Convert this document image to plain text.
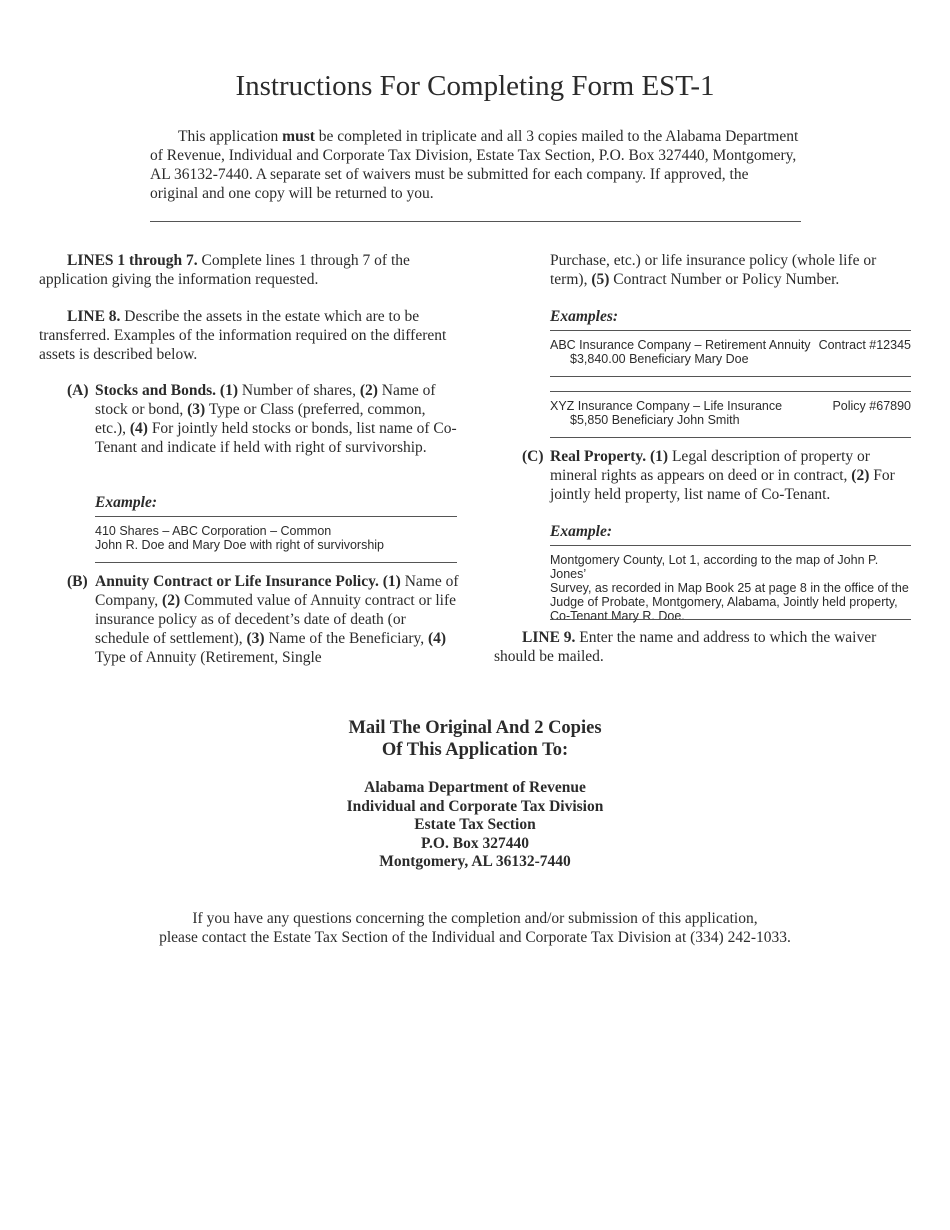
Instructions For Completing Form EST-1

This application must be completed in triplicate and all 3 copies mailed to the Alabama Department of Revenue, Individual and Corporate Tax Division, Estate Tax Section, P.O. Box 327440, Montgomery, AL 36132-7440. A separate set of waivers must be submitted for each company. If approved, the original and one copy will be returned to you.

LINES 1 through 7. Complete lines 1 through 7 of the application giving the information requested.

LINE 8. Describe the assets in the estate which are to be transferred. Examples of the information required on the different assets is described below.

(A) Stocks and Bonds. (1) Number of shares, (2) Name of stock or bond, (3) Type or Class (preferred, common, etc.), (4) For jointly held stocks or bonds, list name of Co-Tenant and indicate if held with right of survivorship.
Example:
410 Shares – ABC Corporation – Common
John R. Doe and Mary Doe with right of survivorship
(B) Annuity Contract or Life Insurance Policy. (1) Name of Company, (2) Commuted value of Annuity contract or life insurance policy as of decedent’s date of death (or schedule of settlement), (3) Name of the Beneficiary, (4) Type of Annuity (Retirement, Single

Purchase, etc.) or life insurance policy (whole life or term), (5) Contract Number or Policy Number.

Examples:
ABC Insurance Company – Retirement Annuity
$3,840.00 Beneficiary Mary Doe
Contract #12345
XYZ Insurance Company – Life Insurance
$5,850 Beneficiary John Smith
Policy #67890
(C) Real Property. (1) Legal description of property or mineral rights as appears on deed or in contract, (2) For jointly held property, list name of Co-Tenant.
Example:
Montgomery County, Lot 1, according to the map of John P. Jones’
Survey, as recorded in Map Book 25 at page 8 in the office of the
Judge of Probate, Montgomery, Alabama, Jointly held property,
Co-Tenant Mary R. Doe.

LINE 9. Enter the name and address to which the waiver should be mailed.

Mail The Original And 2 Copies
Of This Application To:
Alabama Department of Revenue
Individual and Corporate Tax Division
Estate Tax Section
P.O. Box 327440
Montgomery, AL 36132-7440
If you have any questions concerning the completion and/or submission of this application,
please contact the Estate Tax Section of the Individual and Corporate Tax Division at (334) 242-1033.
